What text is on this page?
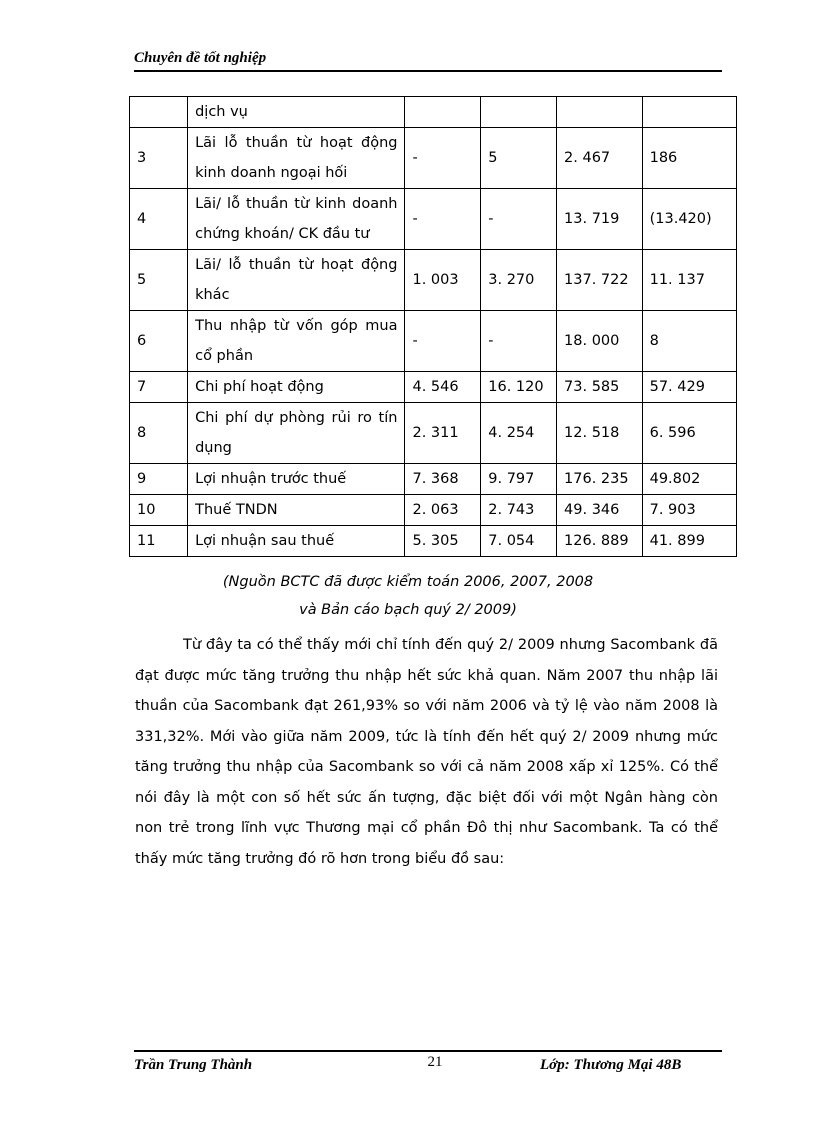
Chuyên đề tốt nghiệp
	dịch vụ				
3	Lãi lỗ thuần từ hoạt động kinh doanh ngoại hối	-	5	2. 467	186
4	Lãi/ lỗ thuần từ kinh doanh chứng khoán/ CK đầu tư	-	-	13. 719	(13.420)
5	Lãi/ lỗ thuần từ hoạt động khác	1. 003	3. 270	137. 722	11. 137
6	Thu nhập từ vốn góp mua cổ phần	-	-	18. 000	8
7	Chi phí hoạt động	4. 546	16. 120	73. 585	57. 429
8	Chi phí dự phòng rủi ro tín dụng	2. 311	4. 254	12. 518	6. 596
9	Lợi nhuận trước thuế	7. 368	9. 797	176. 235	49.802
10	Thuế TNDN	2. 063	2. 743	49. 346	7. 903
11	Lợi nhuận sau thuế	5. 305	7. 054	126. 889	41. 899
(Nguồn BCTC đã được kiểm toán 2006, 2007, 2008
và Bản cáo bạch quý 2/ 2009)
Từ đây ta có thể thấy mới chỉ tính đến quý 2/ 2009 nhưng Sacombank đã đạt được mức tăng trưởng thu nhập hết sức khả quan. Năm 2007 thu nhập lãi thuần của Sacombank đạt 261,93% so với năm 2006 và tỷ lệ vào năm 2008 là 331,32%. Mới vào giữa năm 2009, tức là tính đến hết quý 2/ 2009 nhưng mức tăng trưởng thu nhập của Sacombank so với cả năm 2008 xấp xỉ 125%. Có thể nói đây là một con số hết sức ấn tượng, đặc biệt đối với một Ngân hàng còn non trẻ trong lĩnh vực Thương mại cổ phần Đô thị như Sacombank. Ta có thể thấy mức tăng trưởng đó rõ hơn trong biểu đồ sau:
Trần Trung Thành	21	Lớp: Thương Mại 48B
